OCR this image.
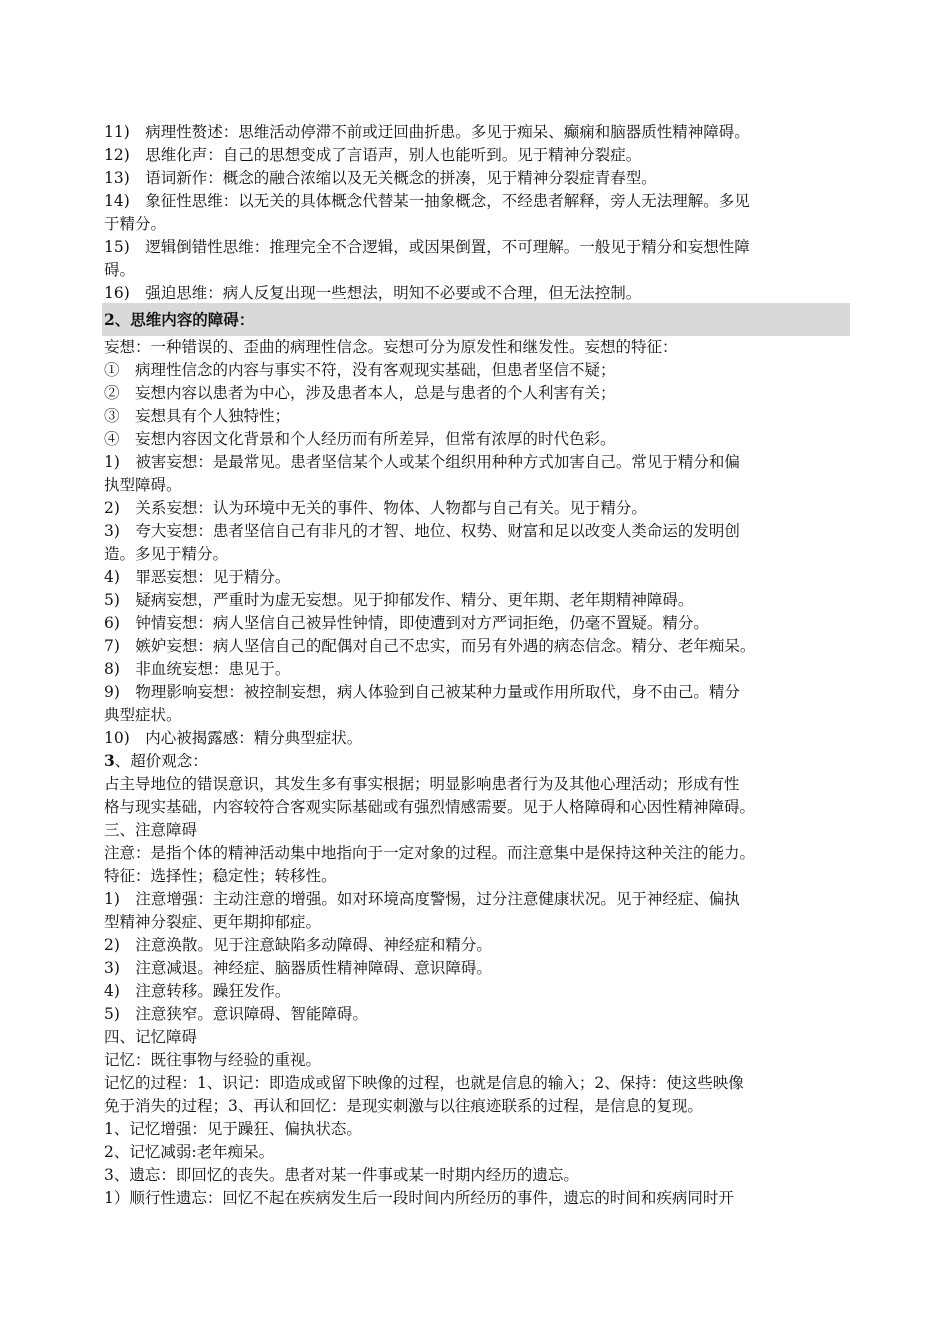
11)　病理性赘述：思维活动停滞不前或迂回曲折患。多见于痴呆、癫痫和脑器质性精神障碍。
12)　思维化声：自己的思想变成了言语声，别人也能听到。见于精神分裂症。
13)　语词新作：概念的融合浓缩以及无关概念的拼凑，见于精神分裂症青春型。
14)　象征性思维：以无关的具体概念代替某一抽象概念，不经患者解释，旁人无法理解。多见
于精分。
15)　逻辑倒错性思维：推理完全不合逻辑，或因果倒置，不可理解。一般见于精分和妄想性障
碍。
16)　强迫思维：病人反复出现一些想法，明知不必要或不合理，但无法控制。
2、思维内容的障碍：
妄想：一种错误的、歪曲的病理性信念。妄想可分为原发性和继发性。妄想的特征：
①　病理性信念的内容与事实不符，没有客观现实基础，但患者坚信不疑；
②　妄想内容以患者为中心，涉及患者本人，总是与患者的个人利害有关；
③　妄想具有个人独特性；
④　妄想内容因文化背景和个人经历而有所差异，但常有浓厚的时代色彩。
1)　被害妄想：是最常见。患者坚信某个人或某个组织用种种方式加害自己。常见于精分和偏
执型障碍。
2)　关系妄想：认为环境中无关的事件、物体、人物都与自己有关。见于精分。
3)　夸大妄想：患者坚信自己有非凡的才智、地位、权势、财富和足以改变人类命运的发明创
造。多见于精分。
4)　罪恶妄想：见于精分。
5)　疑病妄想，严重时为虚无妄想。见于抑郁发作、精分、更年期、老年期精神障碍。
6)　钟情妄想：病人坚信自己被异性钟情，即使遭到对方严词拒绝，仍毫不置疑。精分。
7)　嫉妒妄想：病人坚信自己的配偶对自己不忠实，而另有外遇的病态信念。精分、老年痴呆。
8)　非血统妄想：患见于。
9)　物理影响妄想：被控制妄想，病人体验到自己被某种力量或作用所取代，身不由己。精分
典型症状。
10)　内心被揭露感：精分典型症状。
3、超价观念：
占主导地位的错误意识，其发生多有事实根据；明显影响患者行为及其他心理活动；形成有性
格与现实基础，内容较符合客观实际基础或有强烈情感需要。见于人格障碍和心因性精神障碍。
三、注意障碍
注意：是指个体的精神活动集中地指向于一定对象的过程。而注意集中是保持这种关注的能力。
特征：选择性；稳定性；转移性。
1)　注意增强：主动注意的增强。如对环境高度警惕，过分注意健康状况。见于神经症、偏执
型精神分裂症、更年期抑郁症。
2)　注意涣散。见于注意缺陷多动障碍、神经症和精分。
3)　注意减退。神经症、脑器质性精神障碍、意识障碍。
4)　注意转移。躁狂发作。
5)　注意狭窄。意识障碍、智能障碍。
四、记忆障碍
记忆：既往事物与经验的重视。
记忆的过程：1、识记：即造成或留下映像的过程，也就是信息的输入；2、保持：使这些映像
免于消失的过程；3、再认和回忆：是现实刺激与以往痕迹联系的过程，是信息的复现。
1、记忆增强：见于躁狂、偏执状态。
2、记忆减弱:老年痴呆。
3、遗忘：即回忆的丧失。患者对某一件事或某一时期内经历的遗忘。
1）顺行性遗忘：回忆不起在疾病发生后一段时间内所经历的事件，遗忘的时间和疾病同时开
